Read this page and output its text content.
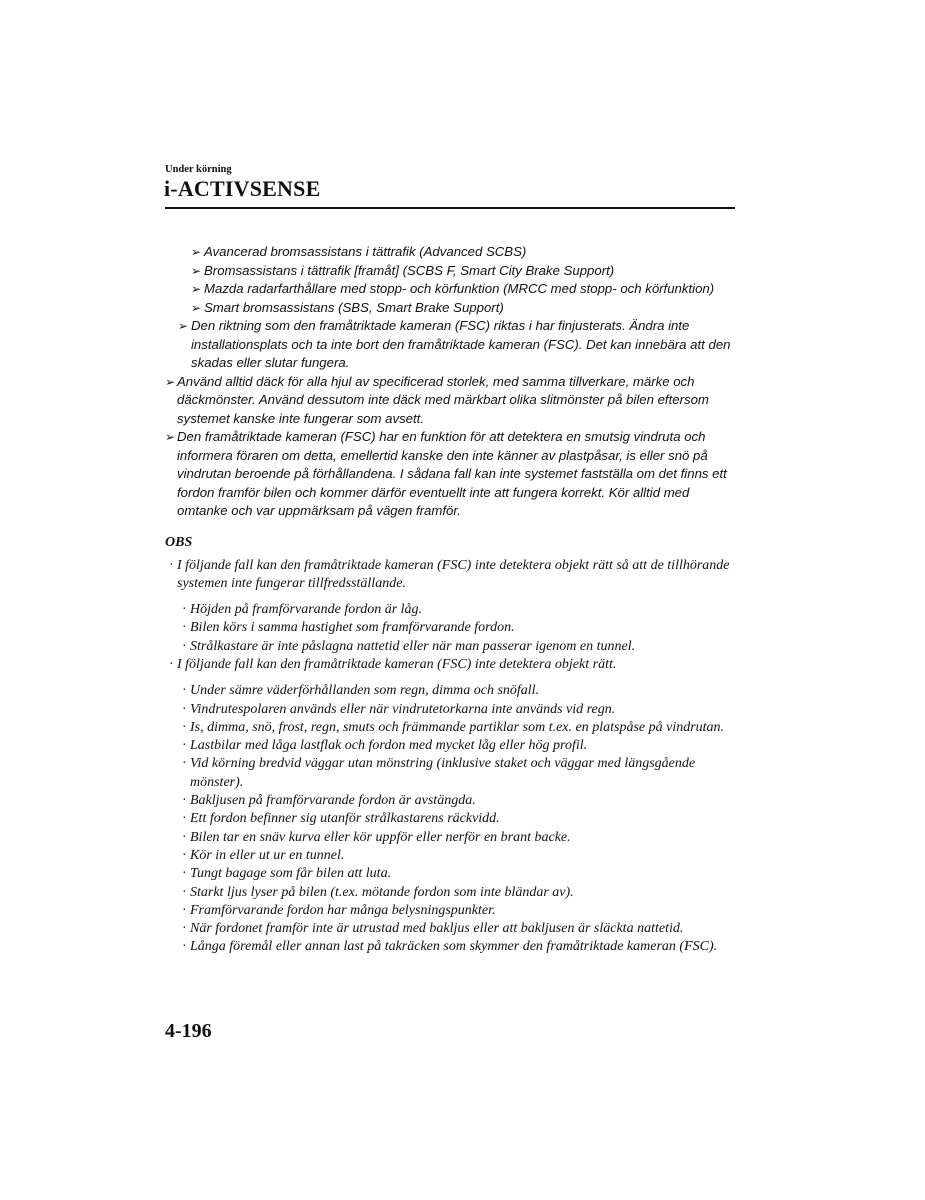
Under körning
i-ACTIVSENSE
➢ Avancerad bromsassistans i tättrafik (Advanced SCBS)
➢ Bromsassistans i tättrafik [framåt] (SCBS F, Smart City Brake Support)
➢ Mazda radarfarthållare med stopp- och körfunktion (MRCC med stopp- och körfunktion)
➢ Smart bromsassistans (SBS, Smart Brake Support)
➢ Den riktning som den framåtriktade kameran (FSC) riktas i har finjusterats. Ändra inte installationsplats och ta inte bort den framåtriktade kameran (FSC). Det kan innebära att den skadas eller slutar fungera.
➢ Använd alltid däck för alla hjul av specificerad storlek, med samma tillverkare, märke och däckmönster. Använd dessutom inte däck med märkbart olika slitmönster på bilen eftersom systemet kanske inte fungerar som avsett.
➢ Den framåtriktade kameran (FSC) har en funktion för att detektera en smutsig vindruta och informera föraren om detta, emellertid kanske den inte känner av plastpåsar, is eller snö på vindrutan beroende på förhållandena. I sådana fall kan inte systemet fastställa om det finns ett fordon framför bilen och kommer därför eventuellt inte att fungera korrekt. Kör alltid med omtanke och var uppmärksam på vägen framför.
OBS
· I följande fall kan den framåtriktade kameran (FSC) inte detektera objekt rätt så att de tillhörande systemen inte fungerar tillfredsställande.
· Höjden på framförvarande fordon är låg.
· Bilen körs i samma hastighet som framförvarande fordon.
· Strålkastare är inte påslagna nattetid eller när man passerar igenom en tunnel.
· I följande fall kan den framåtriktade kameran (FSC) inte detektera objekt rätt.
· Under sämre väderförhållanden som regn, dimma och snöfall.
· Vindrutespolaren används eller när vindrutetorkarna inte används vid regn.
· Is, dimma, snö, frost, regn, smuts och främmande partiklar som t.ex. en platspåse på vindrutan.
· Lastbilar med låga lastflak och fordon med mycket låg eller hög profil.
· Vid körning bredvid väggar utan mönstring (inklusive staket och väggar med längsgående mönster).
· Bakljusen på framförvarande fordon är avstängda.
· Ett fordon befinner sig utanför strålkastarens räckvidd.
· Bilen tar en snäv kurva eller kör uppför eller nerför en brant backe.
· Kör in eller ut ur en tunnel.
· Tungt bagage som får bilen att luta.
· Starkt ljus lyser på bilen (t.ex. mötande fordon som inte bländar av).
· Framförvarande fordon har många belysningspunkter.
· När fordonet framför inte är utrustad med bakljus eller att bakljusen är släckta nattetid.
· Långa föremål eller annan last på takräcken som skymmer den framåtriktade kameran (FSC).
4-196
